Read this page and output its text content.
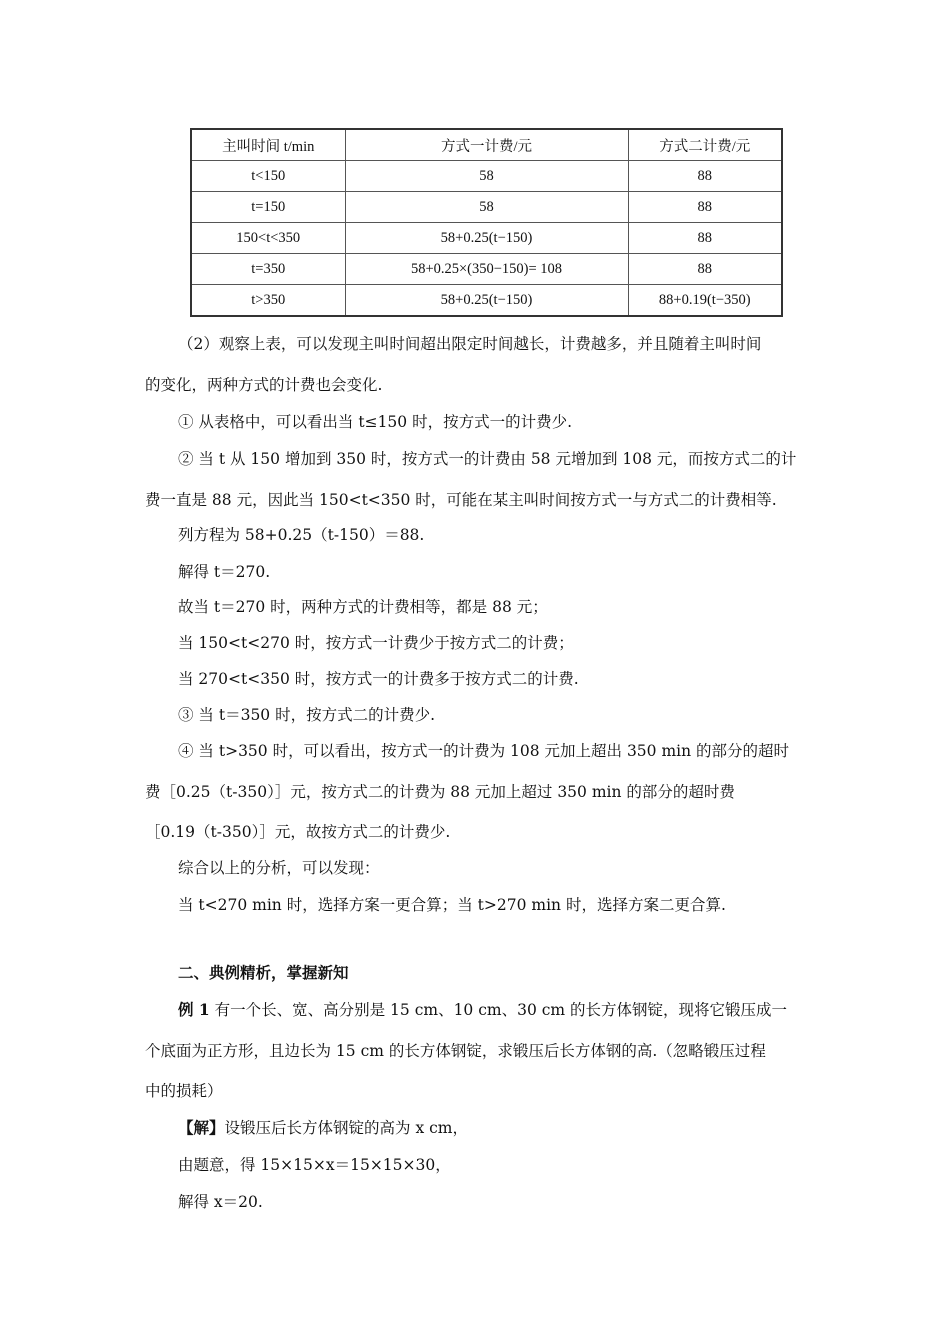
主叫时间 t/min	方式一计费/元	方式二计费/元
t<150	58	88
t=150	58	88
150<t<350	58+0.25(t−150)	88
t=350	58+0.25×(350−150)= 108	88
t>350	58+0.25(t−150)	88+0.19(t−350)
（2）观察上表，可以发现主叫时间超出限定时间越长，计费越多，并且随着主叫时间
的变化，两种方式的计费也会变化.
① 从表格中，可以看出当 t≤150 时，按方式一的计费少.
② 当 t 从 150 增加到 350 时，按方式一的计费由 58 元增加到 108 元，而按方式二的计
费一直是 88 元，因此当 150<t<350 时，可能在某主叫时间按方式一与方式二的计费相等.
列方程为 58+0.25（t-150）＝88.
解得 t＝270.
故当 t＝270 时，两种方式的计费相等，都是 88 元；
当 150<t<270 时，按方式一计费少于按方式二的计费；
当 270<t<350 时，按方式一的计费多于按方式二的计费.
③ 当 t＝350 时，按方式二的计费少.
④ 当 t>350 时，可以看出，按方式一的计费为 108 元加上超出 350 min 的部分的超时
费［0.25（t-350）］元，按方式二的计费为 88 元加上超过 350 min 的部分的超时费
［0.19（t-350）］元，故按方式二的计费少.
综合以上的分析，可以发现：
当 t<270 min 时，选择方案一更合算；当 t>270 min 时，选择方案二更合算.
二、典例精析，掌握新知
例 1 有一个长、宽、高分别是 15 cm、10 cm、30 cm 的长方体钢锭，现将它锻压成一
个底面为正方形，且边长为 15 cm 的长方体钢锭，求锻压后长方体钢的高.（忽略锻压过程
中的损耗）
【解】设锻压后长方体钢锭的高为 x cm，
由题意，得 15×15×x＝15×15×30，
解得 x＝20.
